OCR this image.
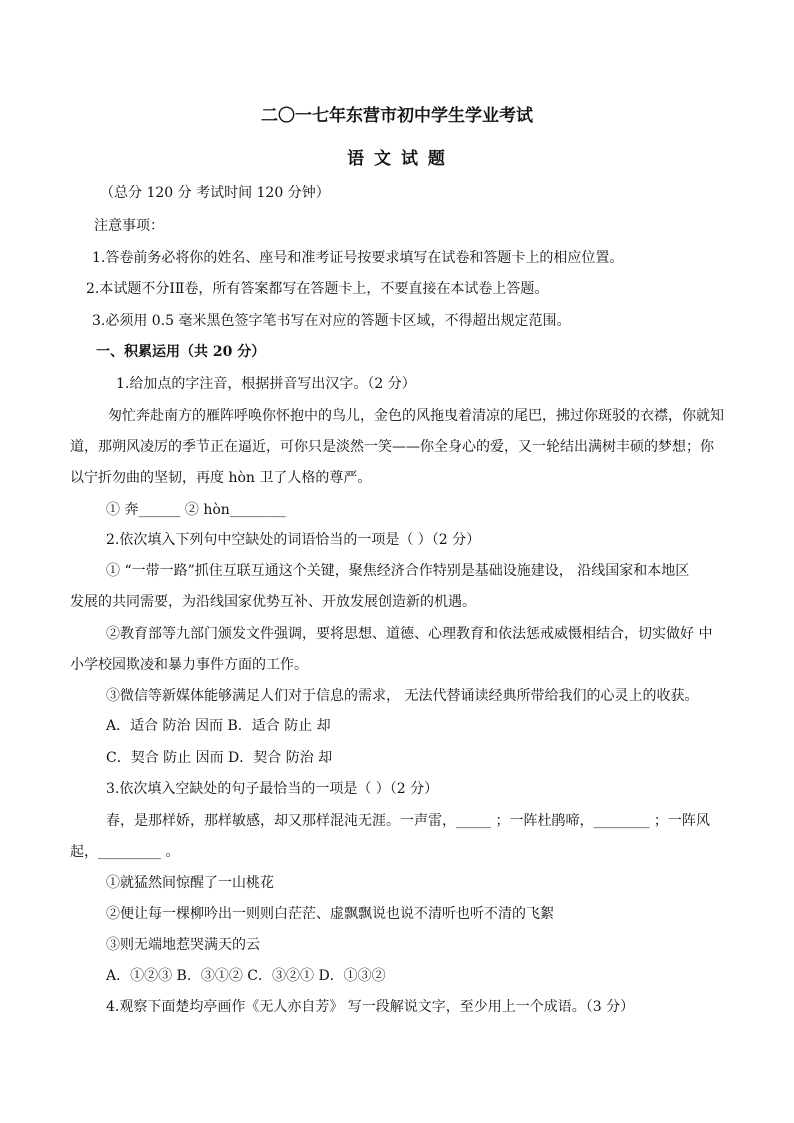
二〇一七年东营市初中学生学业考试
语 文 试 题
（总分 120 分 考试时间 120 分钟）
注意事项：
1.答卷前务必将你的姓名、座号和准考证号按要求填写在试卷和答题卡上的相应位置。
2.本试题不分ⅠⅡ卷，所有答案都写在答题卡上，不要直接在本试卷上答题。
3.必须用 0.5 毫米黑色签字笔书写在对应的答题卡区域，不得超出规定范围。
一、积累运用（共 20 分）
1.给加点的字注音，根据拼音写出汉字。（2 分）
匆忙奔赴南方的雁阵呼唤你怀抱中的鸟儿，金色的风拖曳着清凉的尾巴，拂过你斑驳的衣襟，你就知
道，那朔风凌厉的季节正在逼近，可你只是淡然一笑——你全身心的爱，又一轮结出满树丰硕的梦想；你
以宁折勿曲的坚韧，再度 hòn 卫了人格的尊严。
① 奔______ ② hòn________
2.依次填入下列句中空缺处的词语恰当的一项是（ ）（2 分）
① “一带一路”抓住互联互通这个关键，聚焦经济合作特别是基础设施建设， 沿线国家和本地区
发展的共同需要，为沿线国家优势互补、开放发展创造新的机遇。
②教育部等九部门颁发文件强调，要将思想、道德、心理教育和依法惩戒威慑相结合，切实做好 中
小学校园欺凌和暴力事件方面的工作。
③微信等新媒体能够满足人们对于信息的需求， 无法代替诵读经典所带给我们的心灵上的收获。
A．适合 防治 因而 B．适合 防止 却
C．契合 防止 因而 D．契合 防治 却
3.依次填入空缺处的句子最恰当的一项是（ ）（2 分）
春，是那样娇，那样敏感，却又那样混沌无涯。一声雷，_____ ；一阵杜鹃啼，________ ；一阵风
起，_________ 。
①就猛然间惊醒了一山桃花
②便让每一棵柳吟出一则则白茫茫、虚飘飘说也说不清听也听不清的飞絮
③则无端地惹哭满天的云
A．①②③ B．③①② C．③②① D．①③②
4.观察下面楚均亭画作《无人亦自芳》 写一段解说文字，至少用上一个成语。（3 分）
